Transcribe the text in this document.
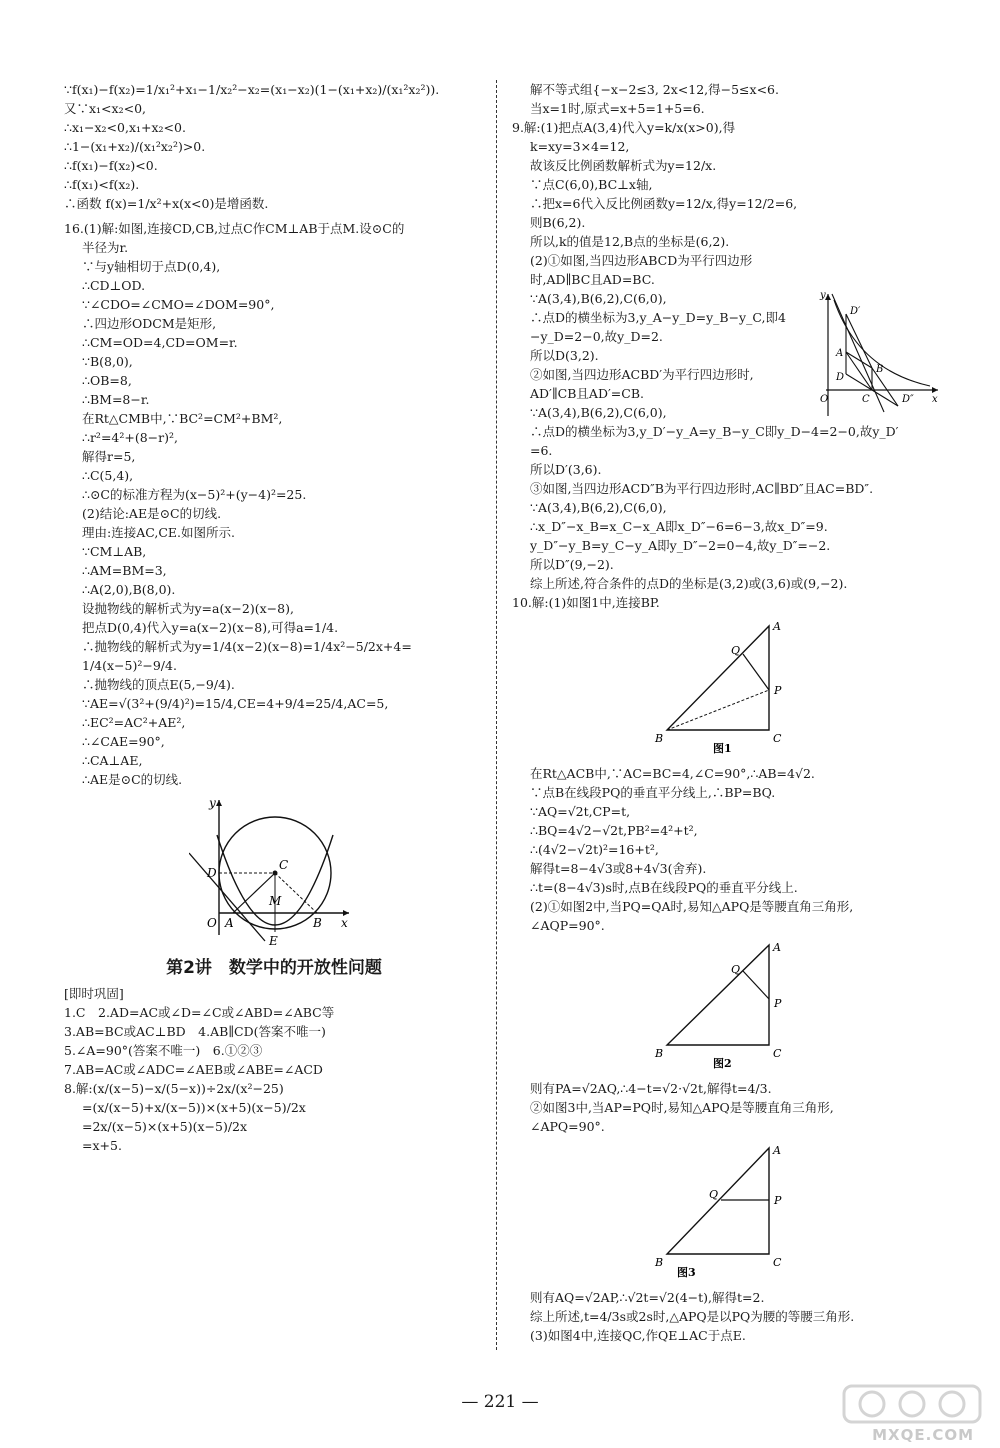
∵f(x₁)−f(x₂)=1/x₁²+x₁−1/x₂²−x₂=(x₁−x₂)(1−(x₁+x₂)/(x₁²x₂²)).
又∵x₁<x₂<0,
∴x₁−x₂<0,x₁+x₂<0.
∴1−(x₁+x₂)/(x₁²x₂²)>0.
∴f(x₁)−f(x₂)<0.
∴f(x₁)<f(x₂).
∴函数 f(x)=1/x²+x(x<0)是增函数.
16.(1)解:如图,连接CD,CB,过点C作CM⊥AB于点M.设⊙C的
半径为r.
∵与y轴相切于点D(0,4),
∴CD⊥OD.
∵∠CDO=∠CMO=∠DOM=90°,
∴四边形ODCM是矩形,
∴CM=OD=4,CD=OM=r.
∵B(8,0),
∴OB=8,
∴BM=8−r.
在Rt△CMB中,∵BC²=CM²+BM²,
∴r²=4²+(8−r)²,
解得r=5,
∴C(5,4),
∴⊙C的标准方程为(x−5)²+(y−4)²=25.
(2)结论:AE是⊙C的切线.
理由:连接AC,CE.如图所示.
∵CM⊥AB,
∴AM=BM=3,
∴A(2,0),B(8,0).
设抛物线的解析式为y=a(x−2)(x−8),
把点D(0,4)代入y=a(x−2)(x−8),可得a=1/4.
∴抛物线的解析式为y=1/4(x−2)(x−8)=1/4x²−5/2x+4=
1/4(x−5)²−9/4.
∴抛物线的顶点E(5,−9/4).
∵AE=√(3²+(9/4)²)=15/4,CE=4+9/4=25/4,AC=5,
∴EC²=AC²+AE²,
∴∠CAE=90°,
∴CA⊥AE,
∴AE是⊙C的切线.
y
x
D
C
O A
M
B
E
第2讲　数学中的开放性问题
[即时巩固]
1.C　2.AD=AC或∠D=∠C或∠ABD=∠ABC等
3.AB=BC或AC⊥BD　4.AB∥CD(答案不唯一)
5.∠A=90°(答案不唯一)　6.①②③
7.AB=AC或∠ADC=∠AEB或∠ABE=∠ACD
8.解:(x/(x−5)−x/(5−x))÷2x/(x²−25)
=(x/(x−5)+x/(x−5))×(x+5)(x−5)/2x
=2x/(x−5)×(x+5)(x−5)/2x
=x+5.
解不等式组{−x−2≤3, 2x<12,得−5≤x<6.
当x=1时,原式=x+5=1+5=6.
9.解:(1)把点A(3,4)代入y=k/x(x>0),得
k=xy=3×4=12,
故该反比例函数解析式为y=12/x.
∵点C(6,0),BC⊥x轴,
∴把x=6代入反比例函数y=12/x,得y=12/2=6,
则B(6,2).
所以,k的值是12,B点的坐标是(6,2).
(2)①如图,当四边形ABCD为平行四边形
时,AD∥BC且AD=BC.
∵A(3,4),B(6,2),C(6,0),
∴点D的横坐标为3,y_A−y_D=y_B−y_C,即4
−y_D=2−0,故y_D=2.
所以D(3,2).
②如图,当四边形ACBD′为平行四边形时,
AD′∥CB且AD′=CB.
∵A(3,4),B(6,2),C(6,0),
∴点D的横坐标为3,y_D′−y_A=y_B−y_C即y_D−4=2−0,故y_D′
=6.
所以D′(3,6).
③如图,当四边形ACD″B为平行四边形时,AC∥BD″且AC=BD″.
∵A(3,4),B(6,2),C(6,0),
∴x_D″−x_B=x_C−x_A即x_D″−6=6−3,故x_D″=9.
y_D″−y_B=y_C−y_A即y_D″−2=0−4,故y_D″=−2.
所以D″(9,−2).
综上所述,符合条件的点D的坐标是(3,2)或(3,6)或(9,−2).
10.解:(1)如图1中,连接BP.
y
x
O	C
A
B
D
D′
D″
A
Q
P
B	C
图1
在Rt△ACB中,∵AC=BC=4,∠C=90°,∴AB=4√2.
∵点B在线段PQ的垂直平分线上,∴BP=BQ.
∵AQ=√2t,CP=t,
∴BQ=4√2−√2t,PB²=4²+t²,
∴(4√2−√2t)²=16+t²,
解得t=8−4√3或8+4√3(舍弃).
∴t=(8−4√3)s时,点B在线段PQ的垂直平分线上.
(2)①如图2中,当PQ=QA时,易知△APQ是等腰直角三角形,
∠AQP=90°.
A
Q
P
B	C
图2
则有PA=√2AQ,∴4−t=√2·√2t,解得t=4/3.
②如图3中,当AP=PQ时,易知△APQ是等腰直角三角形,
∠APQ=90°.
A
Q	P
B	C
图3
则有AQ=√2AP,∴√2t=√2(4−t),解得t=2.
综上所述,t=4/3s或2s时,△APQ是以PQ为腰的等腰三角形.
(3)如图4中,连接QC,作QE⊥AC于点E.
— 221 —
MXQE.COM
